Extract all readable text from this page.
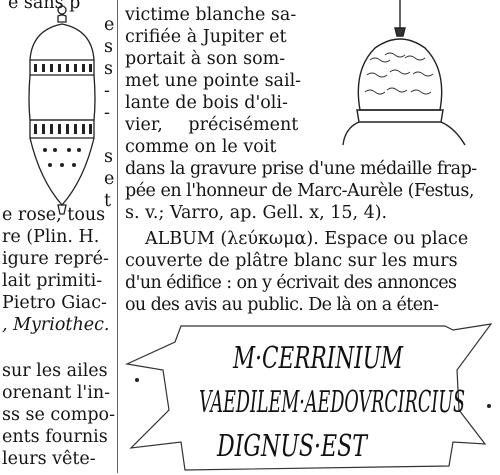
e sans p
e
s
s
-
-
s
e
t
e rose, tous
re (Plin. H.
igure repré-
lait primiti-
Pietro Giac-
, Myriothec.
sur les ailes
orenant l'in-
ss se compo-
ents fournis
leurs vête-
victime blanche sa-
crifiée à Jupiter et
portait à son som-
met une pointe sail-
lante de bois d'oli-
vier, précisément
comme on le voit
dans la gravure prise d'une médaille frap-
pée en l'honneur de Marc-Aurèle (Festus,
s. v.; Varro, ap. Gell. x, 15, 4).
ALBUM (λεύκωμα). Espace ou place
couverte de plâtre blanc sur les murs
d'un édifice : on y écrivait des annonces
ou des avis au public. De là on a éten-
M·CERRINIUM
VAEDILEM·AEDOVRCIRCIUS
DIGNUS·EST
